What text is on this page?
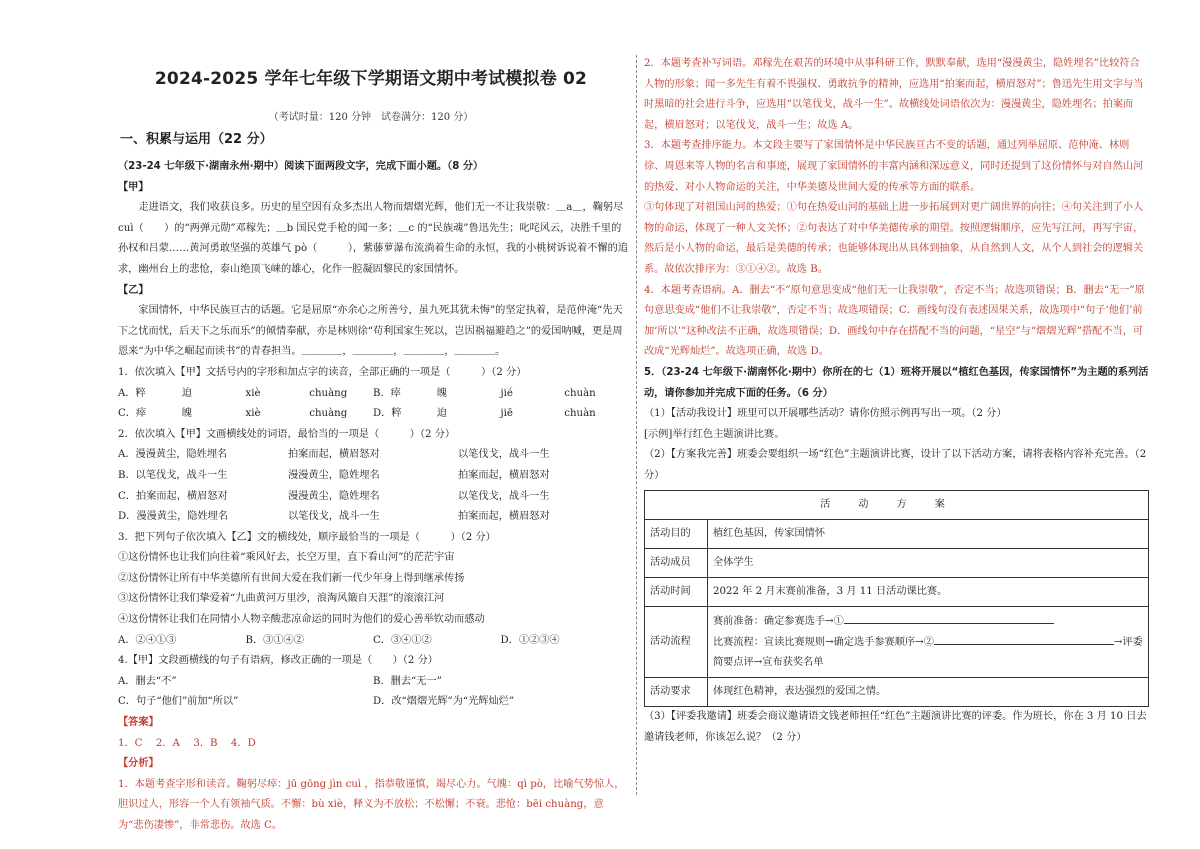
2024-2025 学年七年级下学期语文期中考试模拟卷 02
（考试时量：120 分钟　试卷满分：120 分）
一、积累与运用（22 分）

（23-24 七年级下·湖南永州·期中）阅读下面两段文字，完成下面小题。（8 分）

【甲】

走进语文，我们收获良多。历史的星空因有众多杰出人物而熠熠光辉，他们无一不让我崇敬：＿a＿，鞠躬尽 cuì（　　）的“两弹元勋”邓稼先；＿b 国民党手枪的闻一多；＿c 的“民族魂”鲁迅先生；叱咤风云，决胜千里的孙权和吕蒙……黄河勇敢坚强的英雄气 pò（　　　），紫藤萝瀑布流淌着生命的永恒，我的小桃树诉说着不懈的追求，幽州台上的悲怆，泰山绝顶飞崃的雄心，化作一腔凝固黎民的家国情怀。

【乙】

家国情怀，中华民族亘古的话题。它是屈原“亦余心之所善兮，虽九死其犹未悔”的坚定执着，是范仲淹“先天下之忧而忧，后天下之乐而乐”的倾情奉献，亦是林则徐“苟利国家生死以，岂因祸福避趋之”的爱国呐喊，更是周恩来“为中华之崛起而读书”的青春担当。＿＿＿＿，＿＿＿＿，＿＿＿＿，＿＿＿＿。

1．依次填入【甲】文括号内的字形和加点字的读音，全部正确的一项是（　　　）（2 分）

A．粹	迫	xiè	chuàng	B．瘁	魄	jié	chuàn
C．瘁	魄	xiè	chuàng	D．粹	迫	jiē	chuàn

2．依次填入【甲】文画横线处的词语，最恰当的一项是（　　　）（2 分）

A．漫漫黄尘，隐姓埋名	拍案而起，横眉怒对	以笔伐戈，战斗一生
B．以笔伐戈，战斗一生	漫漫黄尘，隐姓埋名	拍案而起，横眉怒对
C．拍案而起，横眉怒对	漫漫黄尘，隐姓埋名	以笔伐戈，战斗一生
D．漫漫黄尘，隐姓埋名	以笔伐戈，战斗一生	拍案而起，横眉怒对

3．把下列句子依次填入【乙】文的横线处，顺序最恰当的一项是（　　　）（2 分）

①这份情怀也让我们向往着“乘风好去，长空万里，直下看山河”的茫茫宇宙

②这份情怀让所有中华美德所有世间大爱在我们新一代少年身上得到继承传扬

③这份情怀让我们挚爱着“九曲黄河万里沙，浪淘风簸自天涯”的滚滚江河

④这份情怀让我们在同情小人物辛酸悲凉命运的同时为他们的爱心善举钦动而感动

A．②④①③	B．③①④②	C．③④①②	D．①②③④

4.【甲】文段画横线的句子有语病，修改正确的一项是（　　）（2 分）

A．删去“不”	B．删去“无一”
C．句子“他们”前加“所以”	D．改“熠熠光辉”为“光辉灿烂”

【答案】

1．C　 2．A　 3．B　 4．D

【分析】

1．本题考查字形和读音。鞠躬尽瘁：jū gōng jìn cuì ，指恭敬谨慎，竭尽心力。气魄：qì pò，比喻气势惊人，胆识过人，形容一个人有领袖气质。不懈：bù xiè，释义为不放松；不松懈；不衰。悲怆：bēi chuàng，意为“悲伤凄惨”，非常悲伤。故选 C。

2．本题考查补写词语。邓稼先在艰苦的环境中从事科研工作，默默奉献，选用“漫漫黄尘，隐姓埋名”比较符合人物的形象；闻一多先生有着不畏强权、勇敢抗争的精神，应选用“拍案而起，横眉怒对”；鲁迅先生用文字与当时黑暗的社会进行斗争，应选用“以笔伐戈，战斗一生”。故横线处词语依次为：漫漫黄尘，隐姓埋名；拍案而起，横眉怒对；以笔伐戈，战斗一生；故选 A。

3．本题考查排序能力。本文段主要写了家国情怀是中华民族亘古不变的话题，通过列举屈原、范仲淹、林则徐、周恩来等人物的名言和事迹，展现了家国情怀的丰富内涵和深远意义，同时还提到了这份情怀与对自然山河的热爱、对小人物命运的关注，中华美德及世间大爱的传承等方面的联系。

③句体现了对祖国山河的热爱；①句在热爱山河的基础上进一步拓展到对更广阔世界的向往；④句关注到了小人物的命运，体现了一种人文关怀；②句表达了对中华美德传承的期望。按照逻辑顺序，应先写江河，再写宇宙，然后是小人物的命运，最后是美德的传承；也能够体现出从具体到抽象，从自然到人文，从个人到社会的逻辑关系。故依次排序为：③①④②。故选 B。

4．本题考查语病。A．删去“不”原句意思变成“他们无一让我崇敬”，否定不当；故选项错误；B．删去“无一”原句意思变成“他们不让我崇敬”，否定不当；故选项错误；C．画线句没有表述因果关系，故选项中“句子‘他们’前加‘所以’”这种改法不正确，故选项错误；D．画线句中存在搭配不当的问题，“星空”与“熠熠光辉”搭配不当，可改成“光辉灿烂”。故选项正确，故选 D。

5．（23-24 七年级下·湖南怀化·期中）你所在的七（1）班将开展以“植红色基因，传家国情怀”为主题的系列活动，请你参加并完成下面的任务。（6 分）

（1）【活动我设计】班里可以开展哪些活动？请你仿照示例再写出一项。（2 分）

[示例]举行红色主题演讲比赛。

（2）【方案我完善】班委会要组织一场“红色”主题演讲比赛，设计了以下活动方案，请将表格内容补充完善。（2 分）

活动方案	
活动目的	植红色基因，传家国情怀
活动成员	全体学生
活动时间	2022 年 2 月末赛前准备，3 月 11 日活动课比赛。
活动流程	赛前准备：确定参赛选手→①
比赛流程：宣读比赛规则→确定选手参赛顺序→② →评委简要点评→宣布获奖名单

活动要求	体现红色精神，表达强烈的爱国之情。

（3）【评委我邀请】班委会商议邀请语文钱老师担任“红色”主题演讲比赛的评委。作为班长，你在 3 月 10 日去邀请钱老师，你该怎么说？（2 分）
